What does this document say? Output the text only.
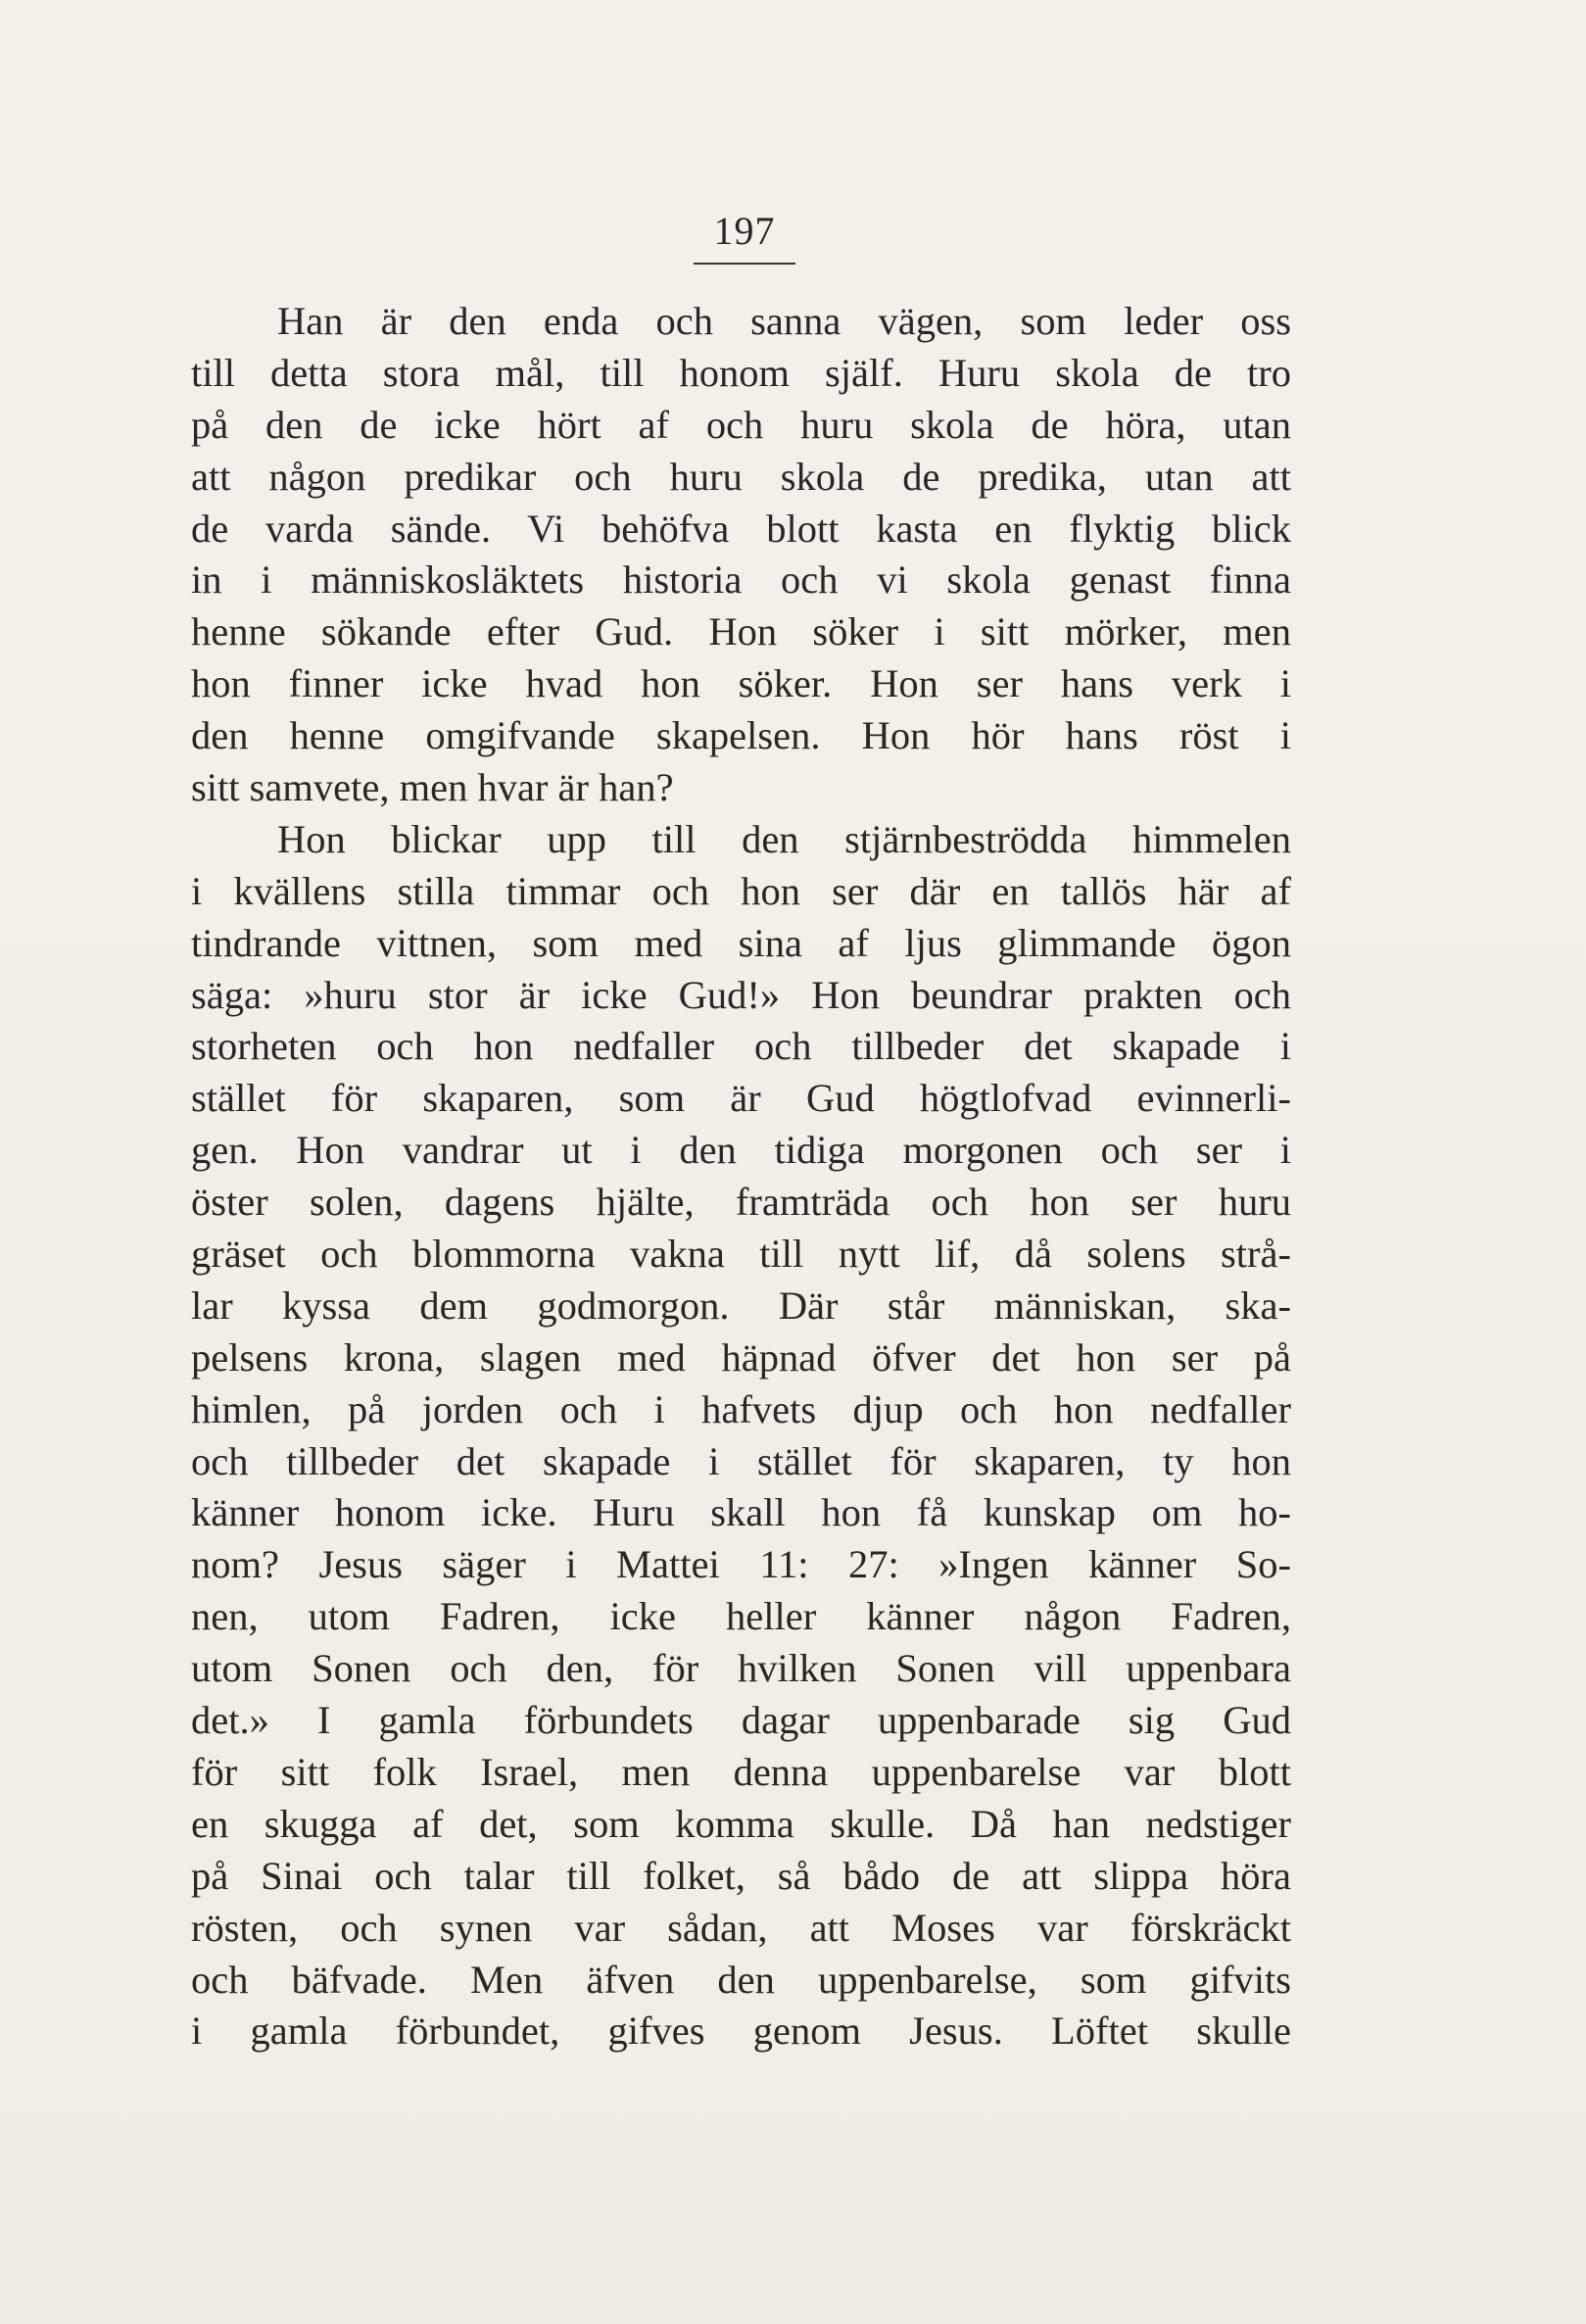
197
Han är den enda och sanna vägen, som leder oss
till detta stora mål, till honom själf. Huru skola de tro
på den de icke hört af och huru skola de höra, utan
att någon predikar och huru skola de predika, utan att
de varda sände. Vi behöfva blott kasta en flyktig blick
in i människosläktets historia och vi skola genast finna
henne sökande efter Gud. Hon söker i sitt mörker, men
hon finner icke hvad hon söker. Hon ser hans verk i
den henne omgifvande skapelsen. Hon hör hans röst i
sitt samvete, men hvar är han?
Hon blickar upp till den stjärnbeströdda himmelen
i kvällens stilla timmar och hon ser där en tallös här af
tindrande vittnen, som med sina af ljus glimmande ögon
säga: »huru stor är icke Gud!» Hon beundrar prakten och
storheten och hon nedfaller och tillbeder det skapade i
stället för skaparen, som är Gud högtlofvad evinnerli-
gen. Hon vandrar ut i den tidiga morgonen och ser i
öster solen, dagens hjälte, framträda och hon ser huru
gräset och blommorna vakna till nytt lif, då solens strå-
lar kyssa dem godmorgon. Där står människan, ska-
pelsens krona, slagen med häpnad öfver det hon ser på
himlen, på jorden och i hafvets djup och hon nedfaller
och tillbeder det skapade i stället för skaparen, ty hon
känner honom icke. Huru skall hon få kunskap om ho-
nom? Jesus säger i Mattei 11: 27: »Ingen känner So-
nen, utom Fadren, icke heller känner någon Fadren,
utom Sonen och den, för hvilken Sonen vill uppenbara
det.» I gamla förbundets dagar uppenbarade sig Gud
för sitt folk Israel, men denna uppenbarelse var blott
en skugga af det, som komma skulle. Då han nedstiger
på Sinai och talar till folket, så bådo de att slippa höra
rösten, och synen var sådan, att Moses var förskräckt
och bäfvade. Men äfven den uppenbarelse, som gifvits
i gamla förbundet, gifves genom Jesus. Löftet skulle
